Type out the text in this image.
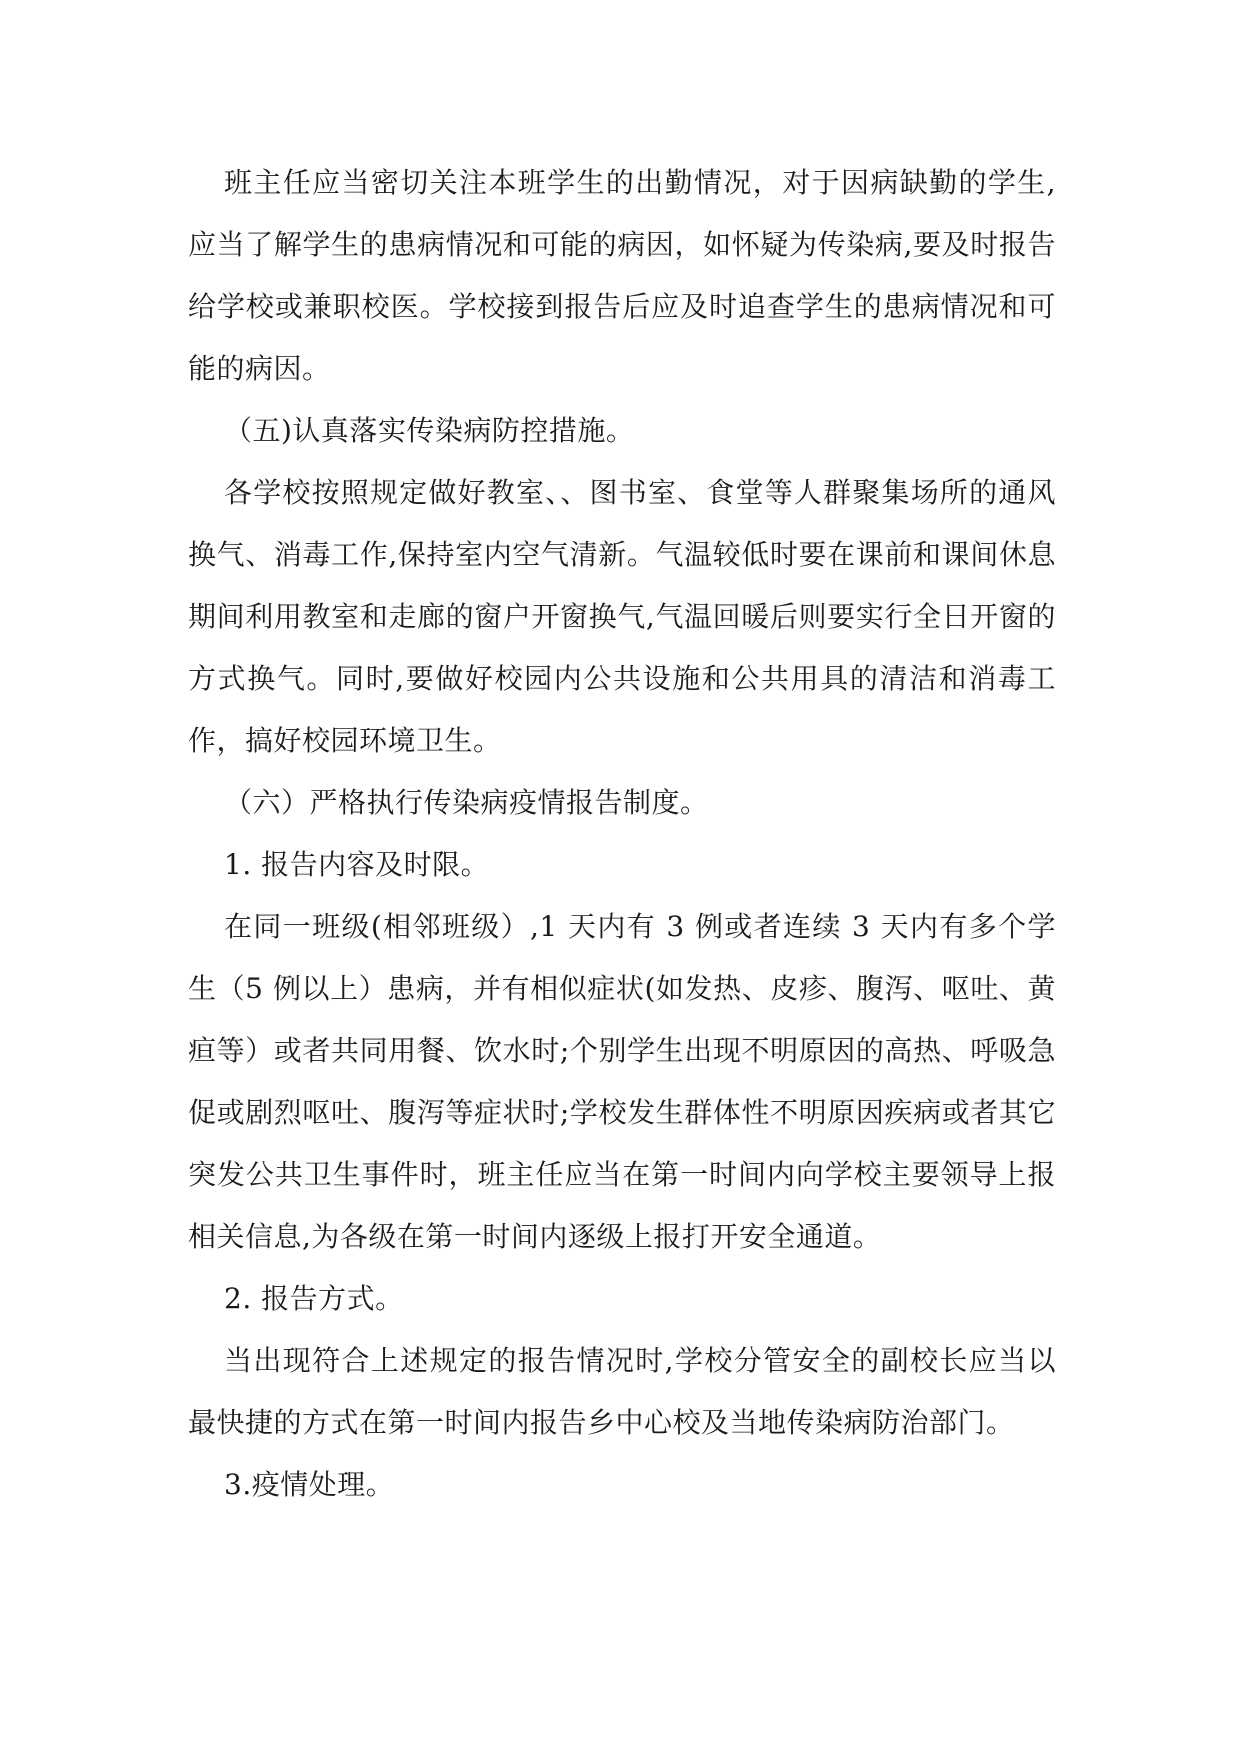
班主任应当密切关注本班学生的出勤情况，对于因病缺勤的学生,应当了解学生的患病情况和可能的病因，如怀疑为传染病,要及时报告给学校或兼职校医。学校接到报告后应及时追查学生的患病情况和可能的病因。

（五)认真落实传染病防控措施。

各学校按照规定做好教室、、图书室、食堂等人群聚集场所的通风换气、消毒工作,保持室内空气清新。气温较低时要在课前和课间休息期间利用教室和走廊的窗户开窗换气,气温回暖后则要实行全日开窗的方式换气。同时,要做好校园内公共设施和公共用具的清洁和消毒工作，搞好校园环境卫生。

（六）严格执行传染病疫情报告制度。

1. 报告内容及时限。

在同一班级(相邻班级）,1 天内有 3 例或者连续 3 天内有多个学生（5 例以上）患病，并有相似症状(如发热、皮疹、腹泻、呕吐、黄疸等）或者共同用餐、饮水时;个别学生出现不明原因的高热、呼吸急促或剧烈呕吐、腹泻等症状时;学校发生群体性不明原因疾病或者其它突发公共卫生事件时，班主任应当在第一时间内向学校主要领导上报相关信息,为各级在第一时间内逐级上报打开安全通道。

2. 报告方式。

当出现符合上述规定的报告情况时,学校分管安全的副校长应当以最快捷的方式在第一时间内报告乡中心校及当地传染病防治部门。

3.疫情处理。
